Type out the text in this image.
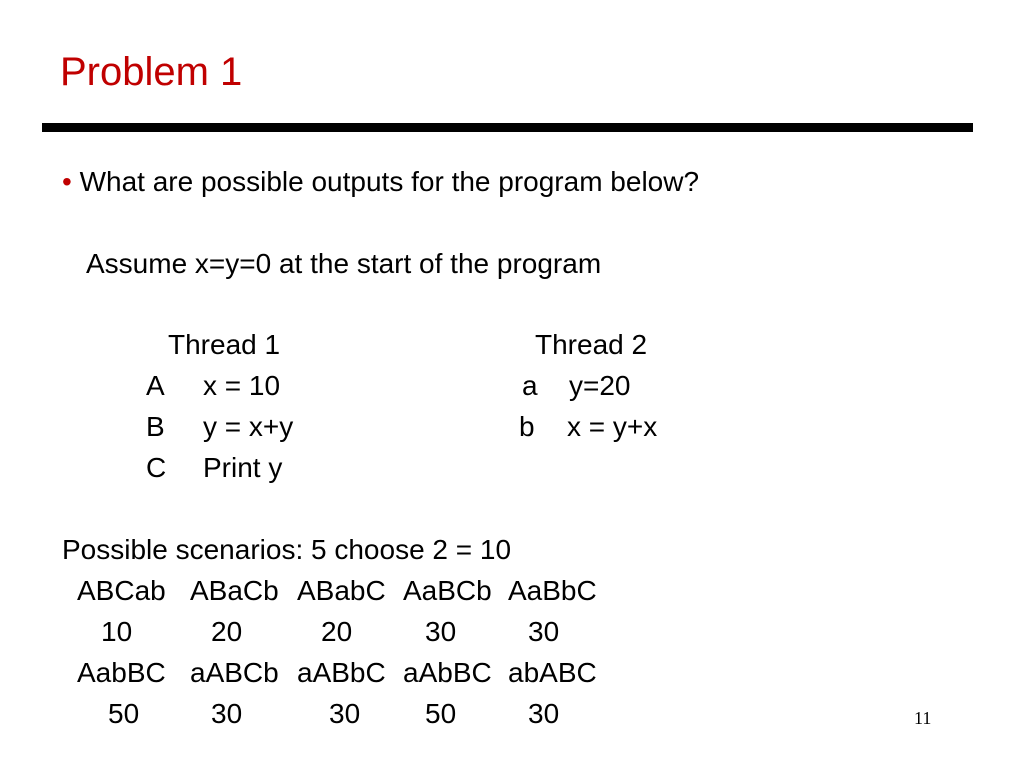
Problem 1
• What are possible outputs for the program below?
Assume x=y=0 at the start of the program
Thread 1
A x = 10
B y = x+y
C Print y
Thread 2
a y=20
b x = y+x
Possible scenarios: 5 choose 2 = 10
ABCab ABaCb ABabC AaBCb AaBbC
10	20	20	30	30
AabBC aABCb aABbC aAbBC abABC
50	30	30 50	30	11
